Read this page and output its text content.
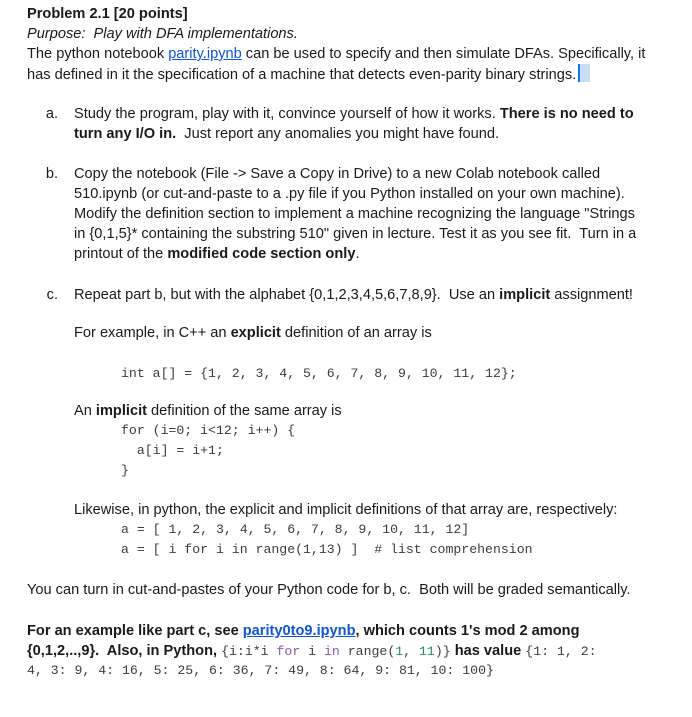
Problem 2.1 [20 points]
Purpose:  Play with DFA implementations.
The python notebook parity.ipynb can be used to specify and then simulate DFAs. Specifically, it
has defined in it the specification of a machine that detects even-parity binary strings.
a. Study the program, play with it, convince yourself of how it works. There is no need to
turn any I/O in.  Just report any anomalies you might have found.
b. Copy the notebook (File -> Save a Copy in Drive) to a new Colab notebook called
510.ipynb (or cut-and-paste to a .py file if you Python installed on your own machine).
Modify the definition section to implement a machine recognizing the language "Strings
in {0,1,5}* containing the substring 510" given in lecture. Test it as you see fit.  Turn in a
printout of the modified code section only.
c. Repeat part b, but with the alphabet {0,1,2,3,4,5,6,7,8,9}.  Use an implicit assignment!
For example, in C++ an explicit definition of an array is
int a[] = {1, 2, 3, 4, 5, 6, 7, 8, 9, 10, 11, 12};
An implicit definition of the same array is
for (i=0; i<12; i++) {
a[i] = i+1;
}
Likewise, in python, the explicit and implicit definitions of that array are, respectively:
a = [ 1, 2, 3, 4, 5, 6, 7, 8, 9, 10, 11, 12]
a = [ i for i in range(1,13) ]  # list comprehension
You can turn in cut-and-pastes of your Python code for b, c.  Both will be graded semantically.
For an example like part c, see parity0to9.ipynb, which counts 1's mod 2 among
{0,1,2,..,9}.  Also, in Python, {i:i*i for i in range(1, 11)} has value {1: 1, 2:
4, 3: 9, 4: 16, 5: 25, 6: 36, 7: 49, 8: 64, 9: 81, 10: 100}
